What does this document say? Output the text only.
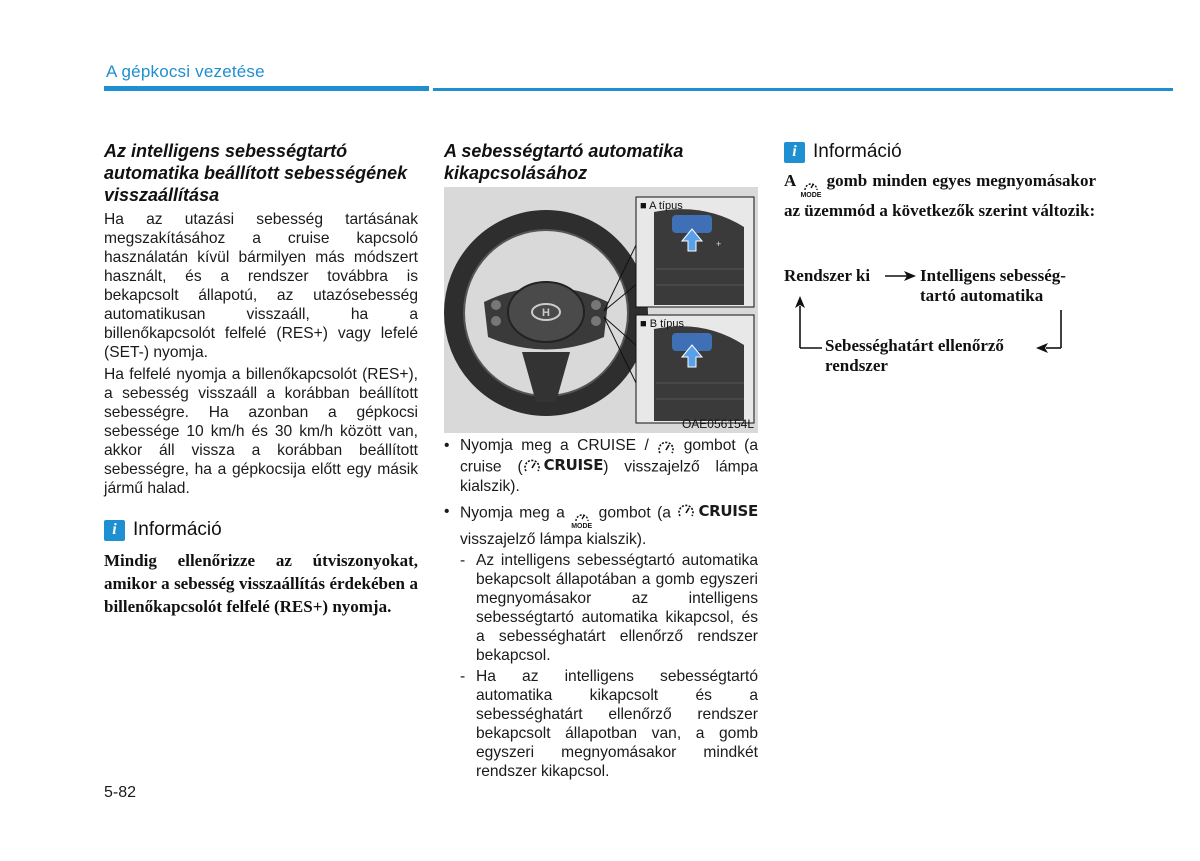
A gépkocsi vezetése
Az intelligens sebességtartó automatika beállított sebességének visszaállítása

Ha az utazási sebesség tartásának megszakításához a cruise kapcsoló használatán kívül bármilyen más módszert használt, és a rendszer továbbra is bekapcsolt állapotú, az utazósebesség automatikusan visszaáll, ha a billenőkapcsolót felfelé (RES+) vagy lefelé (SET-) nyomja.

Ha felfelé nyomja a billenőkapcsolót (RES+), a sebesség visszaáll a korábban beállított sebességre. Ha azonban a gépkocsi sebessége 10 km/h és 30 km/h között van, akkor áll vissza a korábban beállított sebességre, ha a gépkocsija előtt egy másik jármű halad.

i Információ

Mindig ellenőrizze az útviszonyokat, amikor a sebesség visszaállítás érdekében a billenőkapcsolót felfelé (RES+) nyomja.

A sebességtartó automatika kikapcsolásához
H
+
■ A típus
■ B típus
OAE056154L
• Nyomja meg a CRUISE / gombot (a cruise ( CRUISE ) visszajelző lámpa kialszik).
• Nyomja meg a
MODE
gombot (a CRUISE
visszajelző lámpa kialszik).
- Az intelligens sebességtartó automatika bekapcsolt állapotában a gomb egyszeri megnyomásakor az intelligens sebességtartó automatika kikapcsol, és a sebességhatárt ellenőrző rendszer bekapcsol.
- Ha az intelligens sebességtartó automatika kikapcsolt és a sebességhatárt ellenőrző rendszer bekapcsolt állapotban van, a gomb egyszeri megnyomásakor mindkét rendszer kikapcsol.
i Információ

A
MODE
gomb minden egyes megnyomásakor az üzemmód a következők szerint változik:

Rendszer ki	Intelligens sebesség-
tartó automatika
Sebességhatárt ellenőrző
rendszer
5-82
